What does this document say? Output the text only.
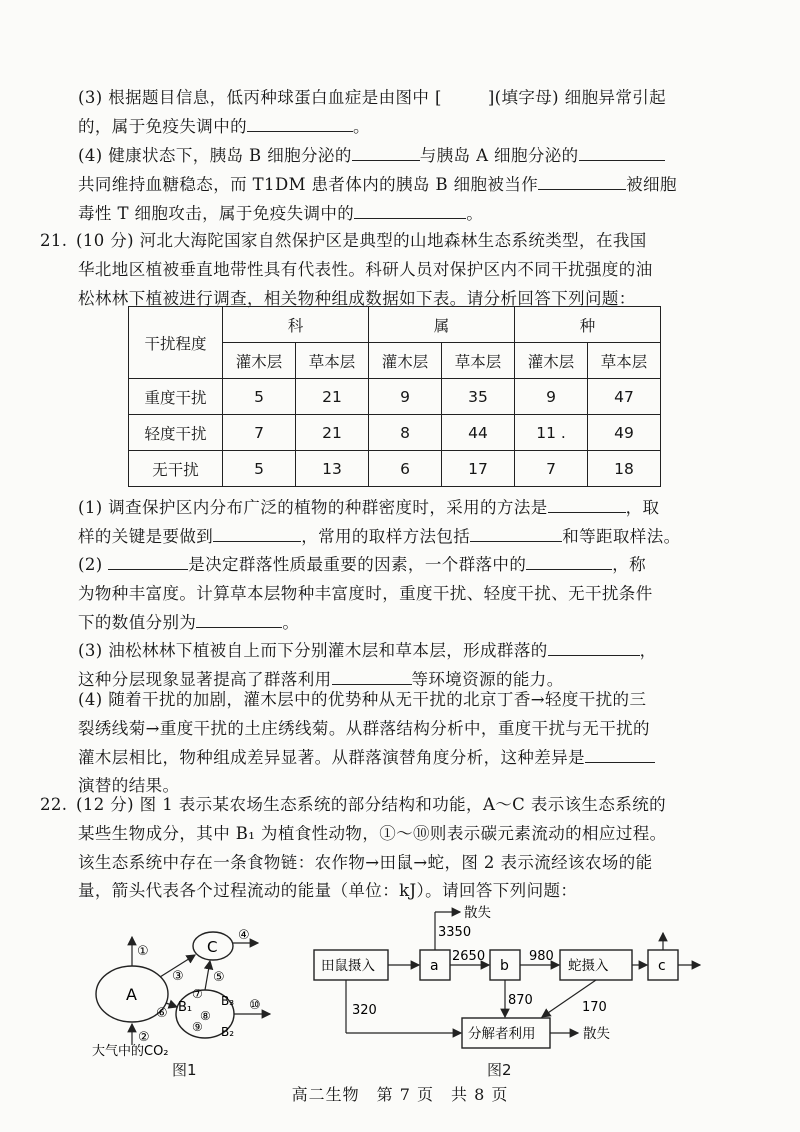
(3) 根据题目信息，低丙种球蛋白血症是由图中 [	](填字母) 细胞异常引起
的，属于免疫失调中的	。

(4) 健康状态下，胰岛 B 细胞分泌的	与胰岛 A 细胞分泌的
共同维持血糖稳态，而 T1DM 患者体内的胰岛 B 细胞被当作	被细胞
毒性 T 细胞攻击，属于免疫失调中的	。

21. (10 分) 河北大海陀国家自然保护区是典型的山地森林生态系统类型，在我国

华北地区植被垂直地带性具有代表性。科研人员对保护区内不同干扰强度的油
松林林下植被进行调查，相关物种组成数据如下表。请分析回答下列问题：

干扰程度	科		属		种	
	灌木层	草本层	灌木层	草本层	灌木层	草本层
重度干扰	5	21	9	35	9	47
轻度干扰	7	21	8	44	11 .	49
无干扰	5	13	6	17	7	18

(1) 调查保护区内分布广泛的植物的种群密度时，采用的方法是	，取
样的关键是要做到	，常用的取样方法包括	和等距取样法。

(2)	是决定群落性质最重要的因素，一个群落中的	，称
为物种丰富度。计算草本层物种丰富度时，重度干扰、轻度干扰、无干扰条件
下的数值分别为	。

(3) 油松林林下植被自上而下分别灌木层和草本层，形成群落的	，
这种分层现象显著提高了群落利用	等环境资源的能力。

(4) 随着干扰的加剧，灌木层中的优势种从无干扰的北京丁香→轻度干扰的三
裂绣线菊→重度干扰的土庄绣线菊。从群落结构分析中，重度干扰与无干扰的
灌木层相比，物种组成差异显著。从群落演替角度分析，这种差异是
演替的结果。

22. (12 分) 图 1 表示某农场生态系统的部分结构和功能，A～C 表示该生态系统的

某些生物成分，其中 B₁ 为植食性动物，①～⑩则表示碳元素流动的相应过程。
该生态系统中存在一条食物链：农作物→田鼠→蛇，图 2 表示流经该农场的能
量，箭头代表各个过程流动的能量（单位：kJ）。请回答下列问题：

A
C
B₁ B₃
B₂
①
②
③
④
⑤
⑥
⑦
⑧
⑨
⑩
大气中的CO₂
图1
田鼠摄入	a	b	蛇摄入	c
分解者利用
2650	980
散失
3350
320
870	170
散失
图2
高二生物　第 7 页　共 8 页
